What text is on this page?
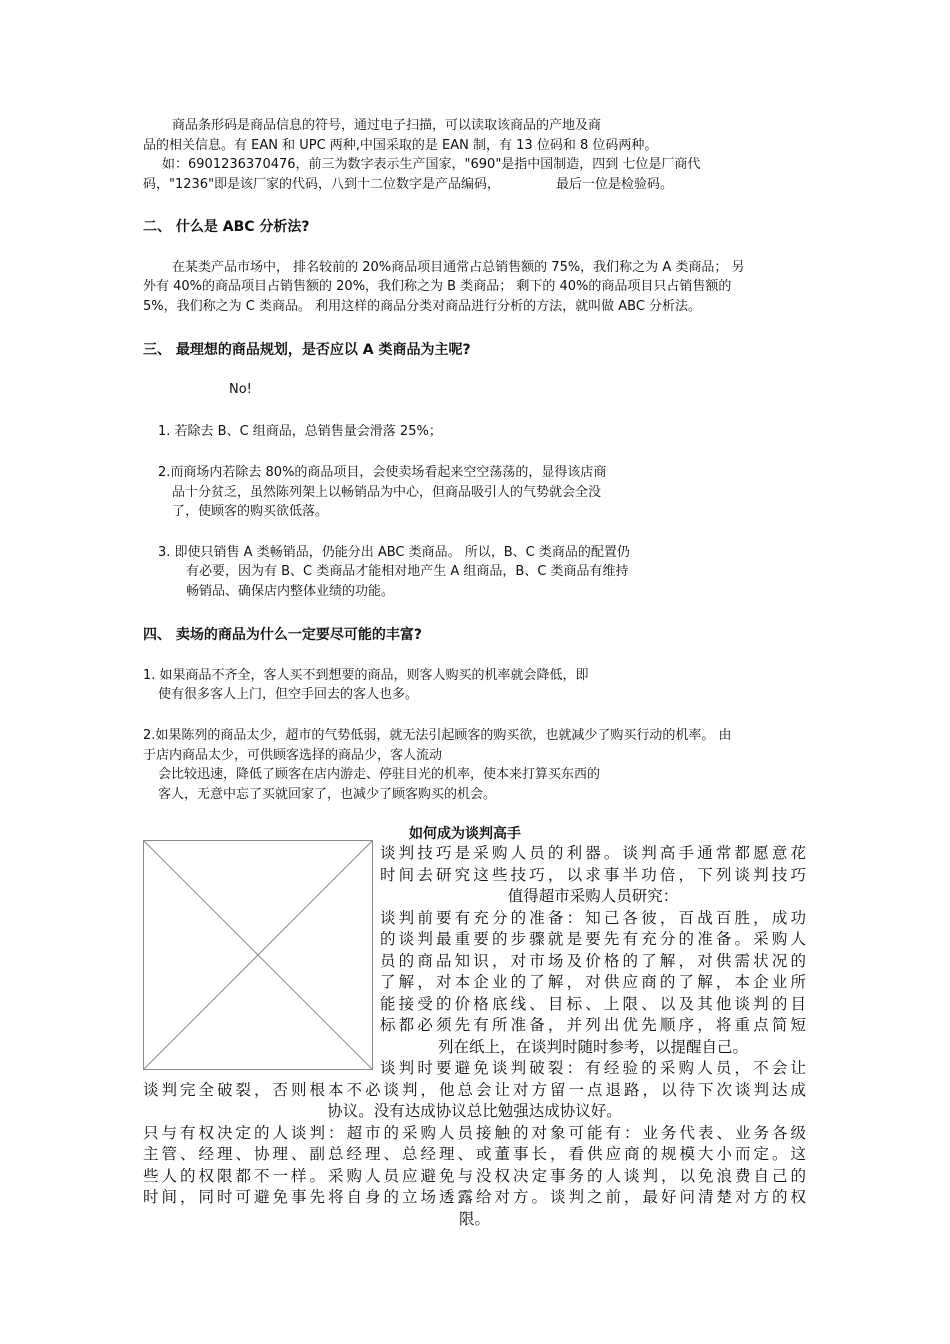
商品条形码是商品信息的符号，通过电子扫描，可以读取该商品的产地及商
品的相关信息。有 EAN 和 UPC 两种,中国采取的是 EAN 制，有 13 位码和 8 位码两种。
如：6901236370476，前三为数字表示生产国家，"690"是指中国制造，四到 七位是厂商代
码，"1236"即是该厂家的代码，八到十二位数字是产品编码，	最后一位是检验码。
二、 什么是 ABC 分析法?
在某类产品市场中， 排名较前的 20%商品项目通常占总销售额的 75%，我们称之为 A 类商品； 另
外有 40%的商品项目占销售额的 20%，我们称之为 B 类商品； 剩下的 40%的商品项目只占销售额的
5%，我们称之为 C 类商品。 利用这样的商品分类对商品进行分析的方法，就叫做 ABC 分析法。
三、 最理想的商品规划，是否应以 A 类商品为主呢?
No!
1. 若除去 B、C 组商品，总销售量会滑落 25%；
2.而商场内若除去 80%的商品项目，会使卖场看起来空空荡荡的，显得该店商
品十分贫乏，虽然陈列架上以畅销品为中心，但商品吸引人的气势就会全没
了，使顾客的购买欲低落。
3. 即使只销售 A 类畅销品，仍能分出 ABC 类商品。 所以，B、C 类商品的配置仍
有必要，因为有 B、C 类商品才能相对地产生 A 组商品，B、C 类商品有维持
畅销品、确保店内整体业绩的功能。
四、 卖场的商品为什么一定要尽可能的丰富?
1. 如果商品不齐全，客人买不到想要的商品，则客人购买的机率就会降低，即
使有很多客人上门，但空手回去的客人也多。
2.如果陈列的商品太少，超市的气势低弱，就无法引起顾客的购买欲，也就减少了购买行动的机率。 由
于店内商品太少，可供顾客选择的商品少，客人流动
会比较迅速，降低了顾客在店内游走、停驻目光的机率，使本来打算买东西的
客人，无意中忘了买就回家了，也减少了顾客购买的机会。
如何成为谈判高手
谈判技巧是采购人员的利器。谈判高手通常都愿意花
时间去研究这些技巧，以求事半功倍，下列谈判技巧
值得超市采购人员研究：
谈判前要有充分的准备：知己各彼，百战百胜，成功
的谈判最重要的步骤就是要先有充分的准备。采购人
员的商品知识，对市场及价格的了解，对供需状况的
了解，对本企业的了解，对供应商的了解，本企业所
能接受的价格底线、目标、上限、以及其他谈判的目
标都必须先有所准备，并列出优先顺序，将重点简短
列在纸上，在谈判时随时参考，以提醒自己。
谈判时要避免谈判破裂：有经验的采购人员，不会让
谈判完全破裂，否则根本不必谈判，他总会让对方留一点退路，以待下次谈判达成
协议。没有达成协议总比勉强达成协议好。
只与有权决定的人谈判：超市的采购人员接触的对象可能有：业务代表、业务各级
主管、经理、协理、副总经理、总经理、或董事长，看供应商的规模大小而定。这
些人的权限都不一样。采购人员应避免与没权决定事务的人谈判，以免浪费自己的
时间，同时可避免事先将自身的立场透露给对方。谈判之前，最好问清楚对方的权
限。
